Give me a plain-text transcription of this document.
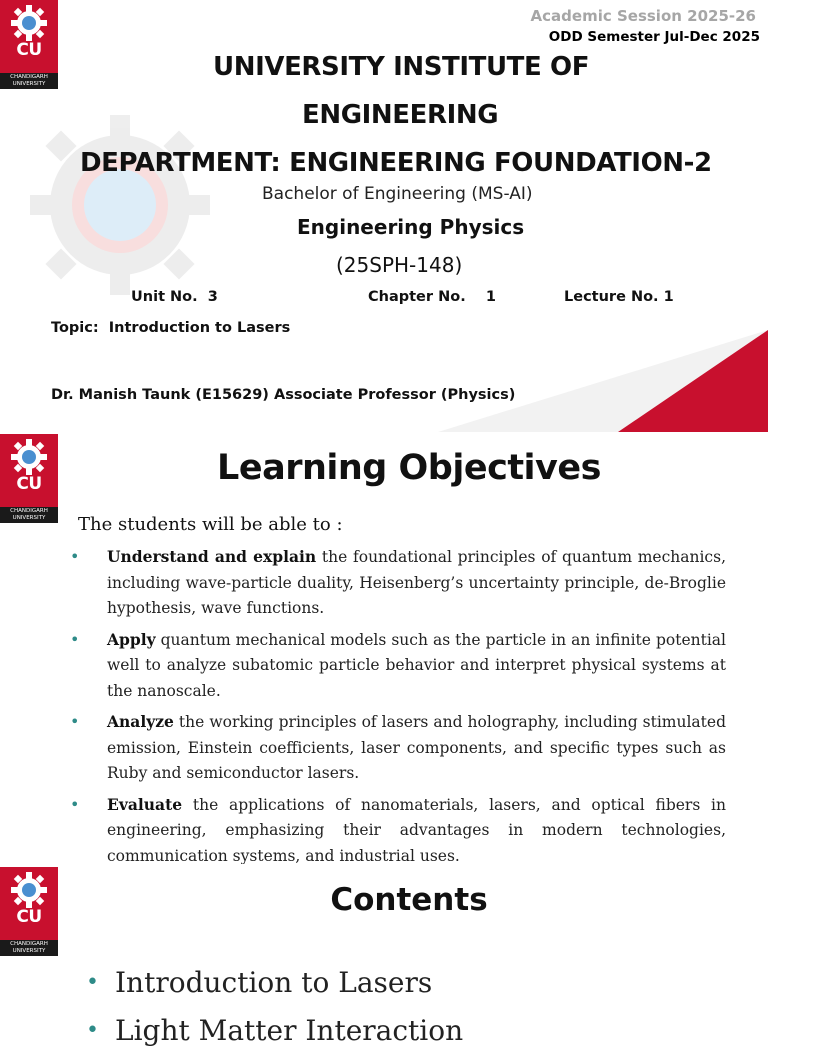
CU
CHANDIGARH UNIVERSITY
Academic Session 2025-26
ODD Semester Jul-Dec 2025
UNIVERSITY INSTITUTE OF
ENGINEERING
DEPARTMENT: ENGINEERING FOUNDATION-2
Bachelor of Engineering (MS-AI)
Engineering Physics
(25SPH-148)
Unit No.  3	Chapter No.    1	Lecture No. 1
Topic:  Introduction to Lasers
Dr. Manish Taunk (E15629) Associate Professor (Physics)
CU
CHANDIGARH UNIVERSITY
Learning Objectives
The students will be able to :
• Understand and explain the foundational principles of quantum mechanics, including wave-particle duality, Heisenberg’s uncertainty principle, de-Broglie hypothesis, wave functions.
• Apply quantum mechanical models such as the particle in an infinite potential well to analyze subatomic particle behavior and interpret physical systems at the nanoscale.
• Analyze the working principles of lasers and holography, including stimulated emission, Einstein coefficients, laser components, and specific types such as Ruby and semiconductor lasers.
• Evaluate the applications of nanomaterials, lasers, and optical fibers in engineering, emphasizing their advantages in modern technologies, communication systems, and industrial uses.
CU
CHANDIGARH UNIVERSITY
Contents
• Introduction to Lasers
• Light Matter Interaction
